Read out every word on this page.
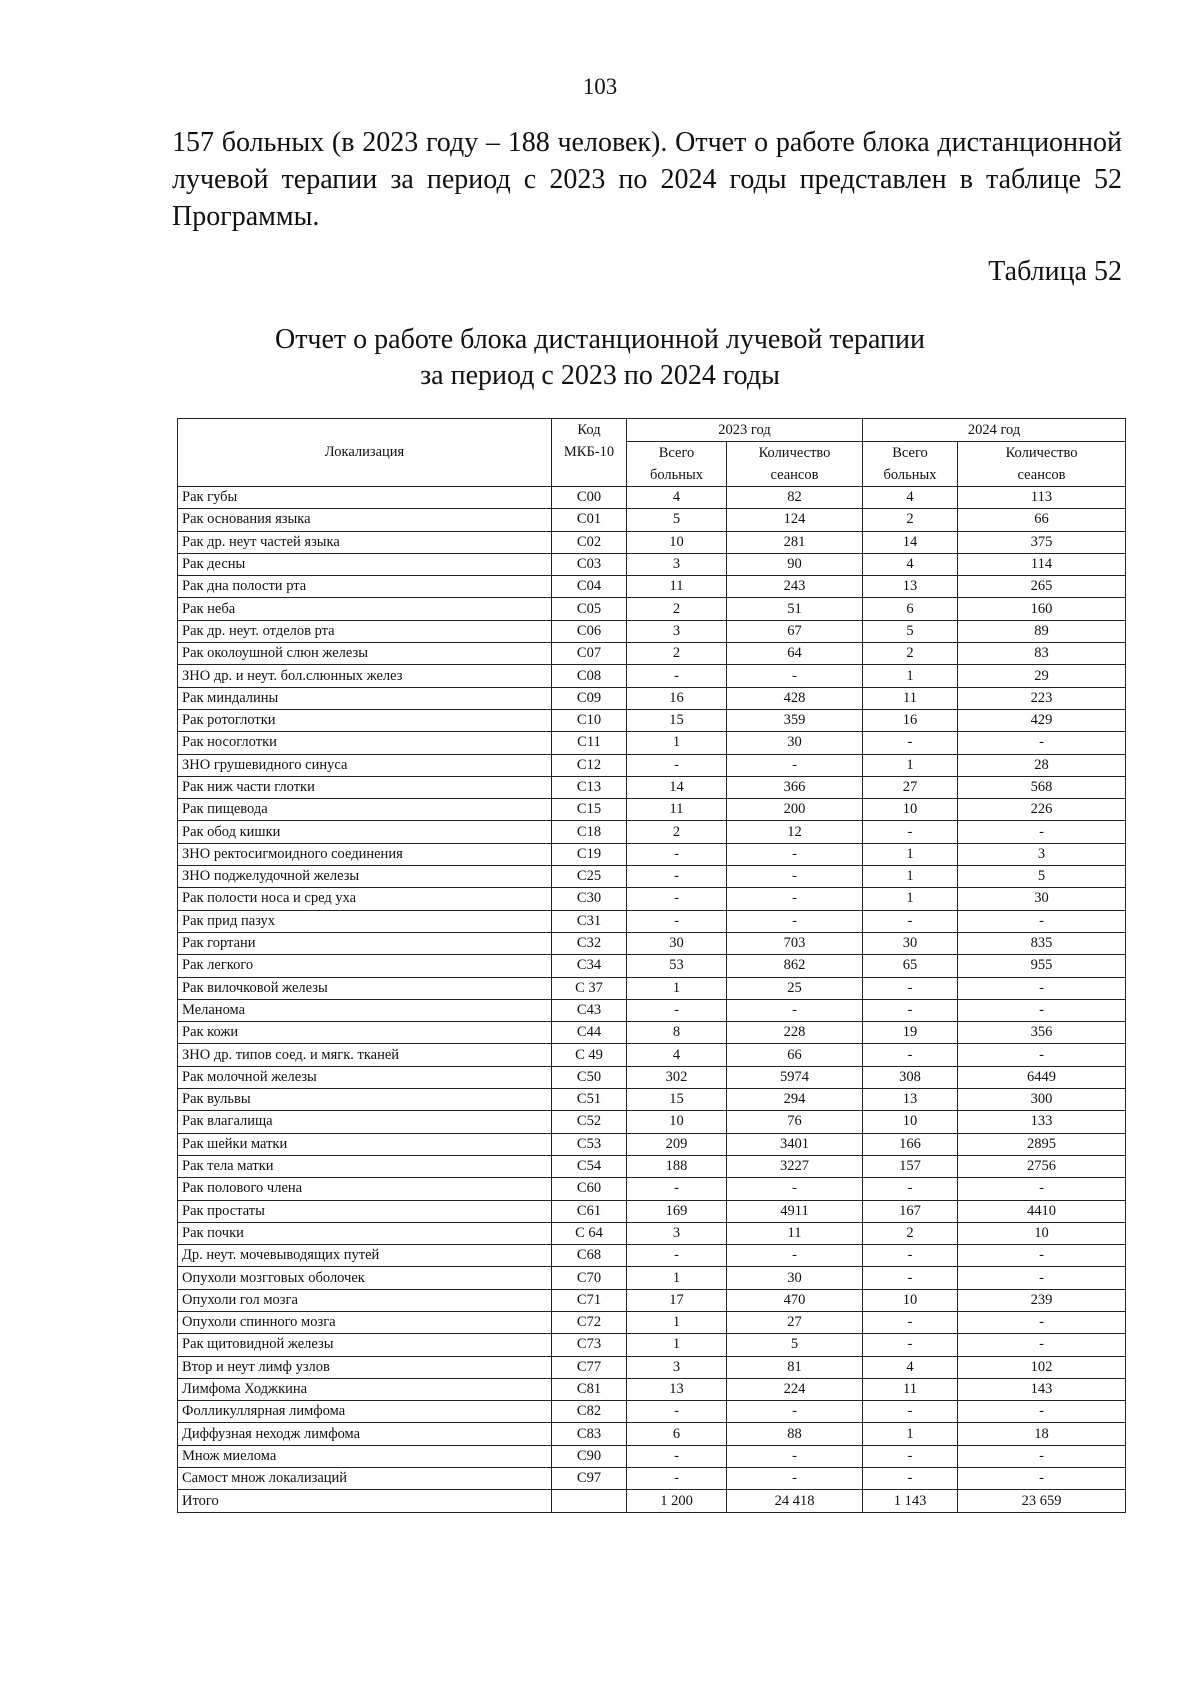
103
157 больных (в 2023 году – 188 человек). Отчет о работе блока дистанционной лучевой терапии за период с 2023 по 2024 годы представлен в таблице 52 Программы.
Таблица 52
Отчет о работе блока дистанционной лучевой терапии
за период с 2023 по 2024 годы
Локализация	Код	2023 год		2024 год	
	МКБ-10	Всего	Количество	Всего	Количество
		больных	сеансов	больных	сеансов
Рак губы	C00	4	82	4	113
Рак основания языка	C01	5	124	2	66
Рак др. неут частей языка	C02	10	281	14	375
Рак десны	C03	3	90	4	114
Рак дна полости рта	C04	11	243	13	265
Рак неба	C05	2	51	6	160
Рак др. неут. отделов рта	C06	3	67	5	89
Рак околоушной слюн железы	C07	2	64	2	83
ЗНО др. и неут. бол.слюнных желез	C08	-	-	1	29
Рак миндалины	C09	16	428	11	223
Рак ротоглотки	C10	15	359	16	429
Рак носоглотки	C11	1	30	-	-
ЗНО грушевидного синуса	C12	-	-	1	28
Рак ниж части глотки	C13	14	366	27	568
Рак пищевода	C15	11	200	10	226
Рак обод кишки	C18	2	12	-	-
ЗНО ректосигмоидного соединения	C19	-	-	1	3
ЗНО поджелудочной железы	C25	-	-	1	5
Рак полости носа и сред уха	C30	-	-	1	30
Рак прид пазух	C31	-	-	-	-
Рак гортани	C32	30	703	30	835
Рак легкого	C34	53	862	65	955
Рак вилочковой железы	C 37	1	25	-	-
Меланома	C43	-	-	-	-
Рак кожи	C44	8	228	19	356
ЗНО др. типов соед. и мягк. тканей	C 49	4	66	-	-
Рак молочной железы	C50	302	5974	308	6449
Рак вульвы	C51	15	294	13	300
Рак влагалища	C52	10	76	10	133
Рак шейки матки	C53	209	3401	166	2895
Рак тела матки	C54	188	3227	157	2756
Рак полового члена	C60	-	-	-	-
Рак простаты	C61	169	4911	167	4410
Рак почки	C 64	3	11	2	10
Др. неут. мочевыводящих путей	C68	-	-	-	-
Опухоли мозгговых оболочек	C70	1	30	-	-
Опухоли гол мозга	C71	17	470	10	239
Опухоли спинного мозга	C72	1	27	-	-
Рак щитовидной железы	C73	1	5	-	-
Втор и неут лимф узлов	C77	3	81	4	102
Лимфома Ходжкина	C81	13	224	11	143
Фолликуллярная лимфома	C82	-	-	-	-
Диффузная неходж лимфома	C83	6	88	1	18
Множ миелома	C90	-	-	-	-
Самост множ локализаций	C97	-	-	-	-
Итого		1 200	24 418	1 143	23 659
